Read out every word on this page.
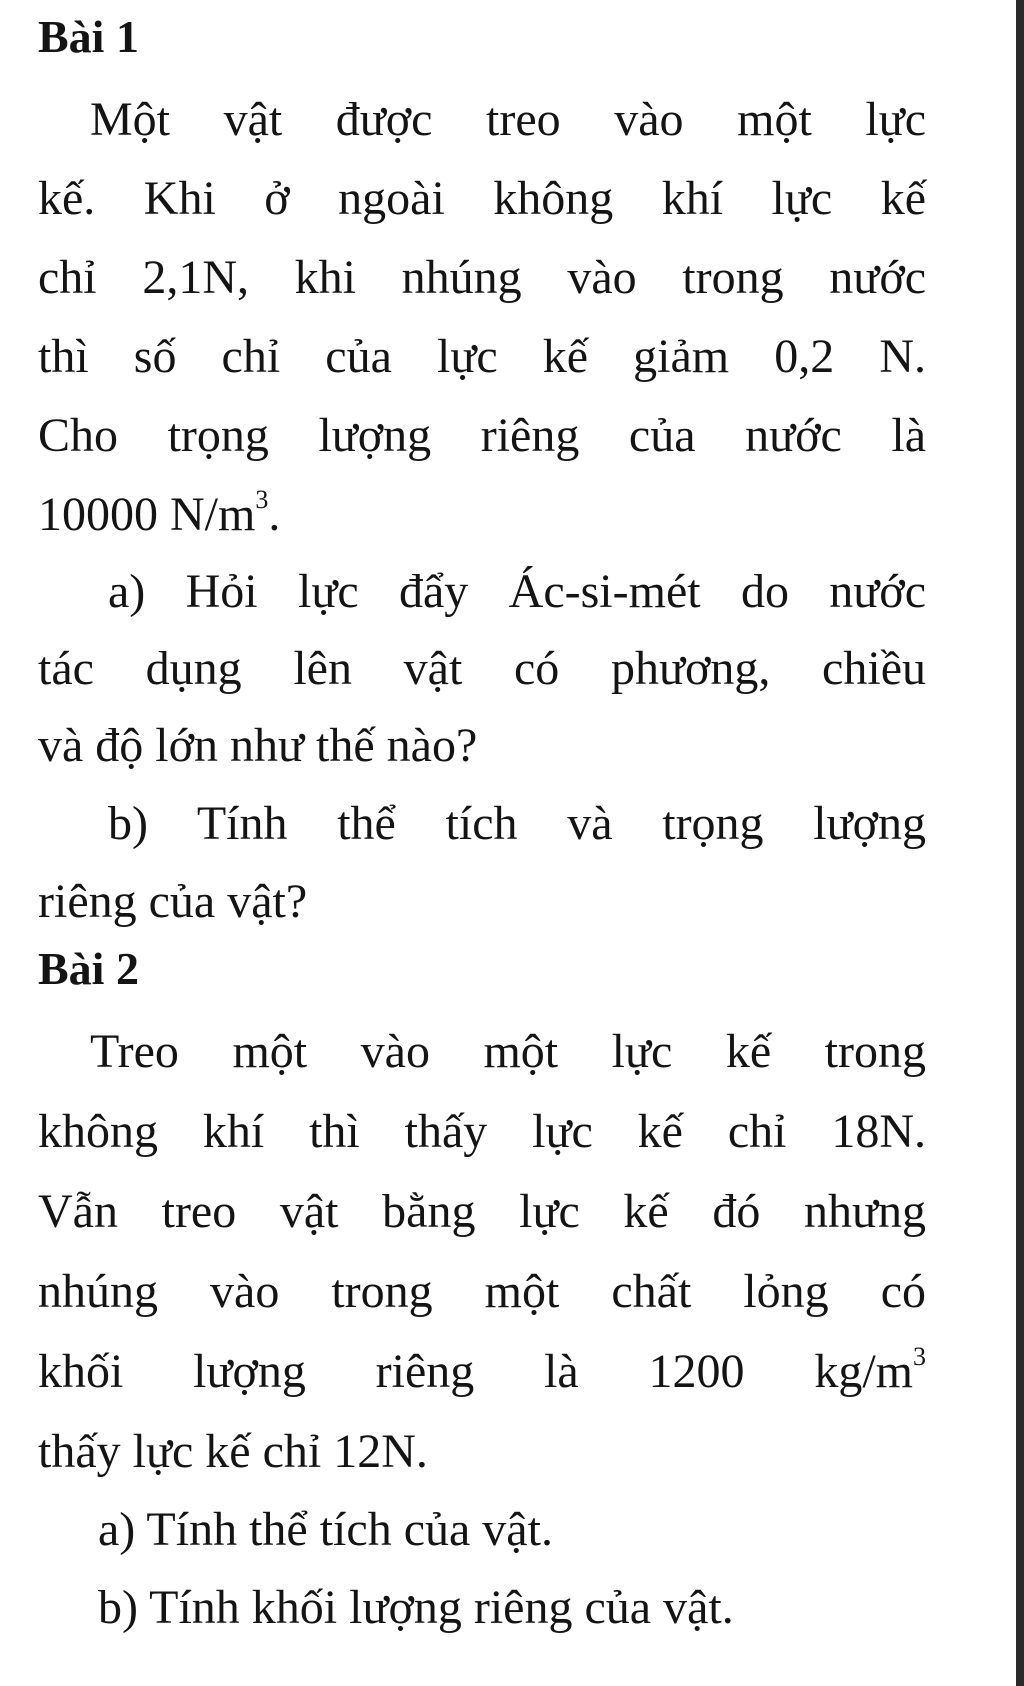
Bài 1
Một vật được treo vào một lực
kế. Khi ở ngoài không khí lực kế
chỉ 2,1N, khi nhúng vào trong nước
thì số chỉ của lực kế giảm 0,2 N.
Cho trọng lượng riêng của nước là
10000 $N/m^3$.
a) Hỏi lực đẩy Ác-si-mét do nước
tác dụng lên vật có phương, chiều
và độ lớn như thế nào?
b) Tính thể tích và trọng lượng
riêng của vật?
Bài 2
Treo một vào một lực kế trong
không khí thì thấy lực kế chỉ 18N.
Vẫn treo vật bằng lực kế đó nhưng
nhúng vào trong một chất lỏng có
khối lượng riêng là 1200 $kg/m^3$
thấy lực kế chỉ 12N.
a) Tính thể tích của vật.
b) Tính khối lượng riêng của vật.
